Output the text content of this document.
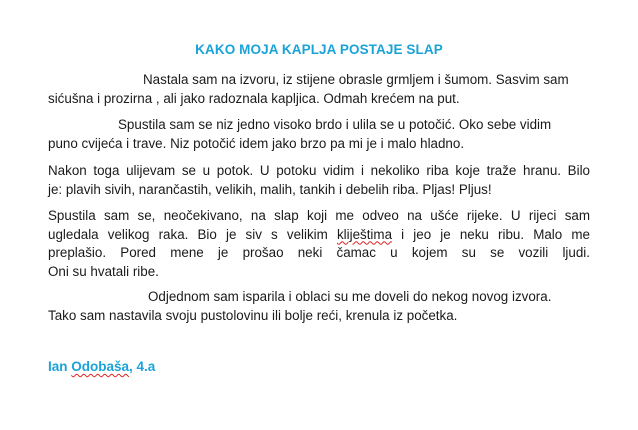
KAKO MOJA KAPLJA POSTAJE SLAP
Nastala sam na izvoru, iz stijene obrasle grmljem i šumom. Sasvim sam
sićušna i prozirna , ali jako radoznala kapljica. Odmah krećem na put.
Spustila sam se niz jedno visoko brdo i ulila se u potočić. Oko sebe vidim
puno cvijeća i trave. Niz potočić idem jako brzo pa mi je i malo hladno.
Nakon toga ulijevam se u potok. U potoku vidim i nekoliko riba koje traže hranu. Bilo
je: plavih sivih, narančastih, velikih, malih, tankih i debelih riba. Pljas! Pljus!
Spustila sam se, neočekivano, na slap koji me odveo na ušće rijeke. U rijeci sam
ugledala velikog raka. Bio je siv s velikim kliještima i jeo je neku ribu. Malo me
preplašio. Pored mene je prošao neki čamac u kojem su se vozili ljudi.
Oni su hvatali ribe.
Odjednom sam isparila i oblaci su me doveli do nekog novog izvora.
Tako sam nastavila svoju pustolovinu ili bolje reći, krenula iz početka.
Ian Odobaša, 4.a
